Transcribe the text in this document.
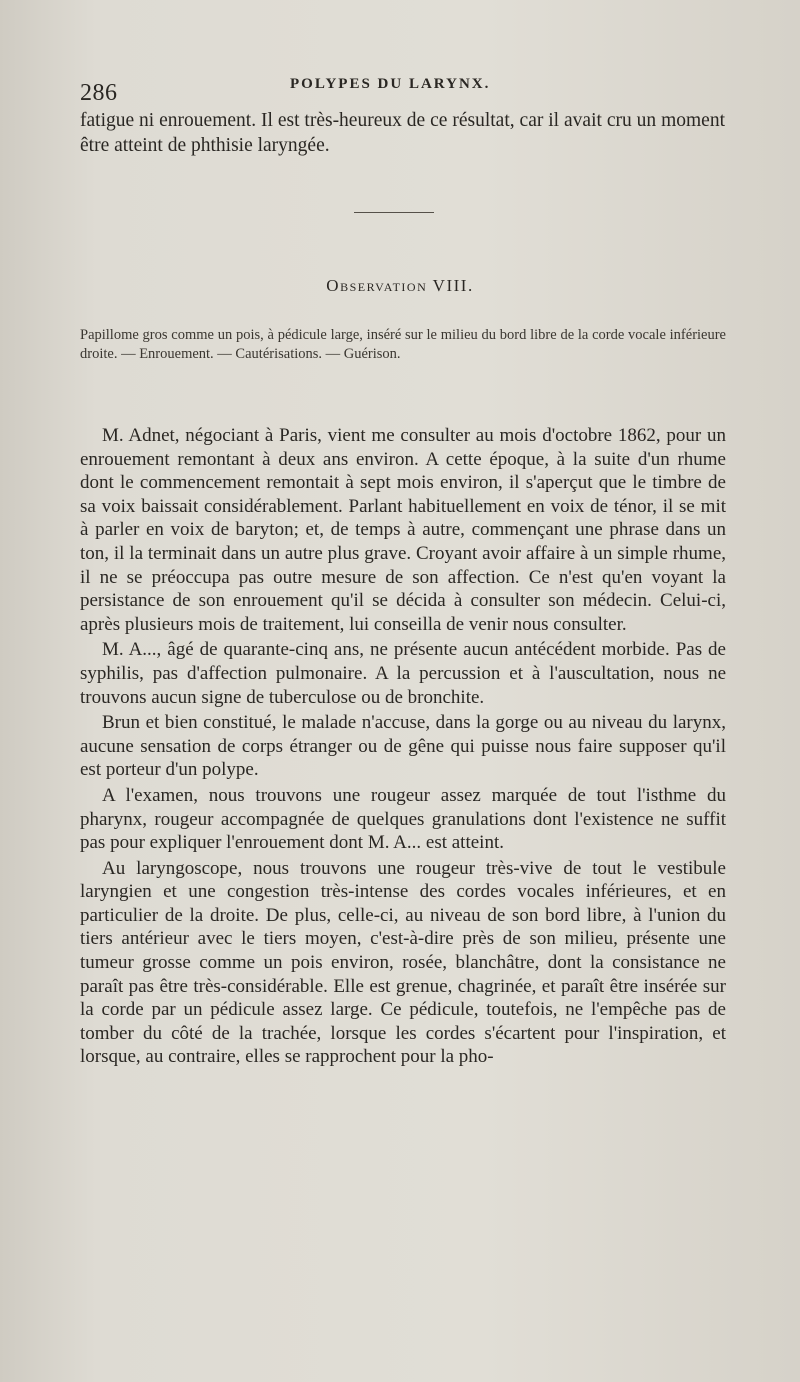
286	POLYPES DU LARYNX.
fatigue ni enrouement. Il est très-heureux de ce résultat, car il avait cru un moment être atteint de phthisie laryngée.
Observation VIII.
Papillome gros comme un pois, à pédicule large, inséré sur le milieu du bord libre de la corde vocale inférieure droite. — Enrouement. — Cautérisations. — Guérison.

M. Adnet, négociant à Paris, vient me consulter au mois d'octobre 1862, pour un enrouement remontant à deux ans environ. A cette époque, à la suite d'un rhume dont le commencement remontait à sept mois environ, il s'aperçut que le timbre de sa voix baissait considérablement. Parlant habituellement en voix de ténor, il se mit à parler en voix de baryton; et, de temps à autre, commençant une phrase dans un ton, il la terminait dans un autre plus grave. Croyant avoir affaire à un simple rhume, il ne se préoccupa pas outre mesure de son affection. Ce n'est qu'en voyant la persistance de son enrouement qu'il se décida à consulter son médecin. Celui-ci, après plusieurs mois de traitement, lui conseilla de venir nous consulter.

M. A..., âgé de quarante-cinq ans, ne présente aucun antécédent morbide. Pas de syphilis, pas d'affection pulmonaire. A la percussion et à l'auscultation, nous ne trouvons aucun signe de tuberculose ou de bronchite.

Brun et bien constitué, le malade n'accuse, dans la gorge ou au niveau du larynx, aucune sensation de corps étranger ou de gêne qui puisse nous faire supposer qu'il est porteur d'un polype.

A l'examen, nous trouvons une rougeur assez marquée de tout l'isthme du pharynx, rougeur accompagnée de quelques granulations dont l'existence ne suffit pas pour expliquer l'enrouement dont M. A... est atteint.

Au laryngoscope, nous trouvons une rougeur très-vive de tout le vestibule laryngien et une congestion très-intense des cordes vocales inférieures, et en particulier de la droite. De plus, celle-ci, au niveau de son bord libre, à l'union du tiers antérieur avec le tiers moyen, c'est-à-dire près de son milieu, présente une tumeur grosse comme un pois environ, rosée, blanchâtre, dont la consistance ne paraît pas être très-considérable. Elle est grenue, chagrinée, et paraît être insérée sur la corde par un pédicule assez large. Ce pédicule, toutefois, ne l'empêche pas de tomber du côté de la trachée, lorsque les cordes s'écartent pour l'inspiration, et lorsque, au contraire, elles se rapprochent pour la pho-
